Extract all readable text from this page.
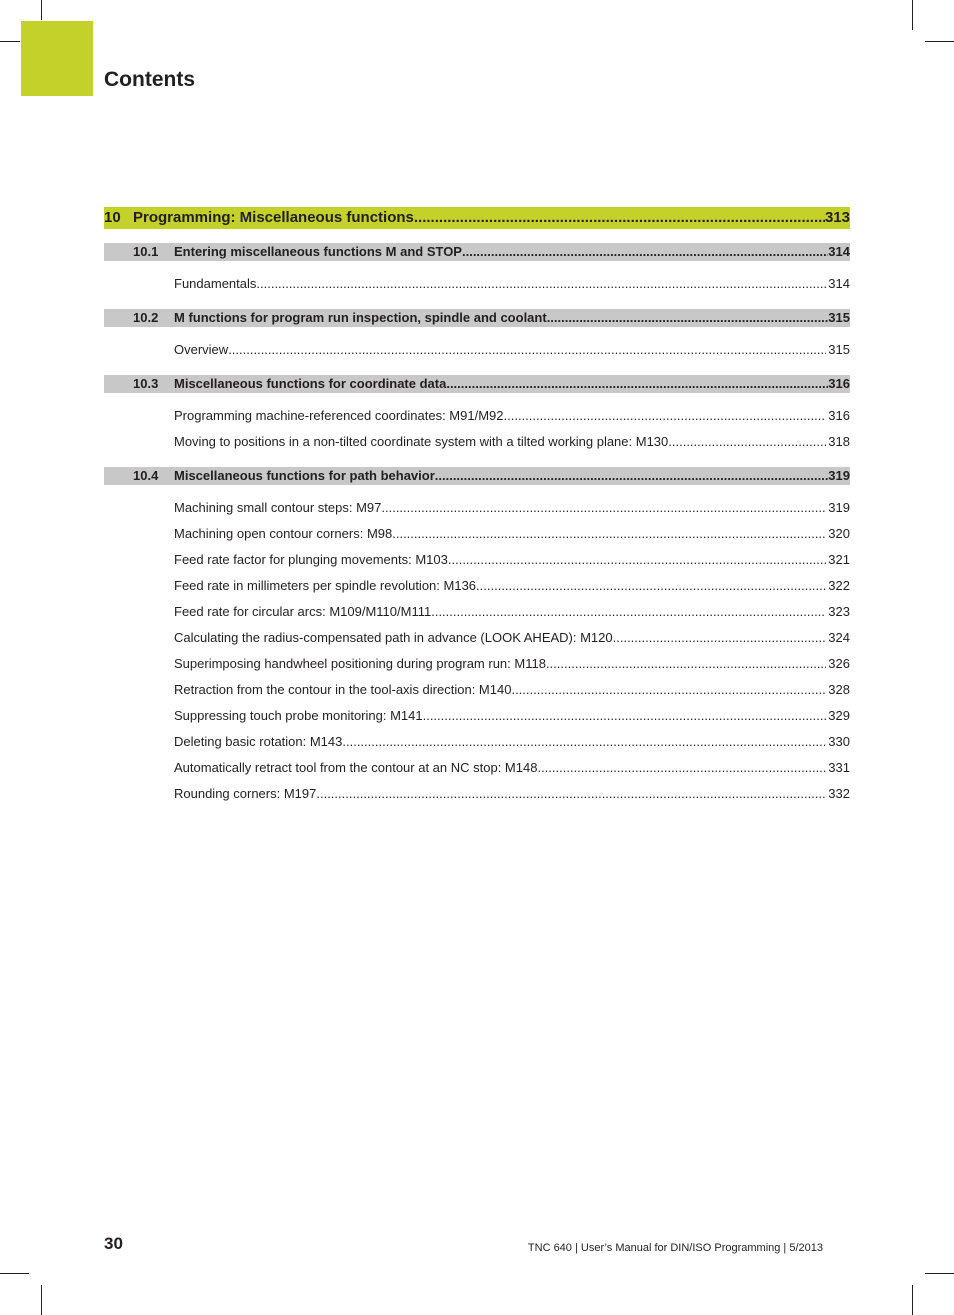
Contents
10 Programming: Miscellaneous functions .....	313
10.1	Entering miscellaneous functions M and STOP .....	314
Fundamentals .....	314
10.2	M functions for program run inspection, spindle and coolant .....	315
Overview .....	315
10.3	Miscellaneous functions for coordinate data .....	316
Programming machine-referenced coordinates: M91/M92 .....	316
Moving to positions in a non-tilted coordinate system with a tilted working plane: M130 .....	318
10.4	Miscellaneous functions for path behavior .....	319
Machining small contour steps: M97 .....	319
Machining open contour corners: M98 .....	320
Feed rate factor for plunging movements: M103 .....	321
Feed rate in millimeters per spindle revolution: M136 .....	322
Feed rate for circular arcs: M109/M110/M111 .....	323
Calculating the radius-compensated path in advance (LOOK AHEAD): M120 .....	324
Superimposing handwheel positioning during program run: M118 .....	326
Retraction from the contour in the tool-axis direction: M140 .....	328
Suppressing touch probe monitoring: M141 .....	329
Deleting basic rotation: M143 .....	330
Automatically retract tool from the contour at an NC stop: M148 .....	331
Rounding corners: M197 .....	332
30	TNC 640 | User’s Manual for DIN/ISO Programming | 5/2013
